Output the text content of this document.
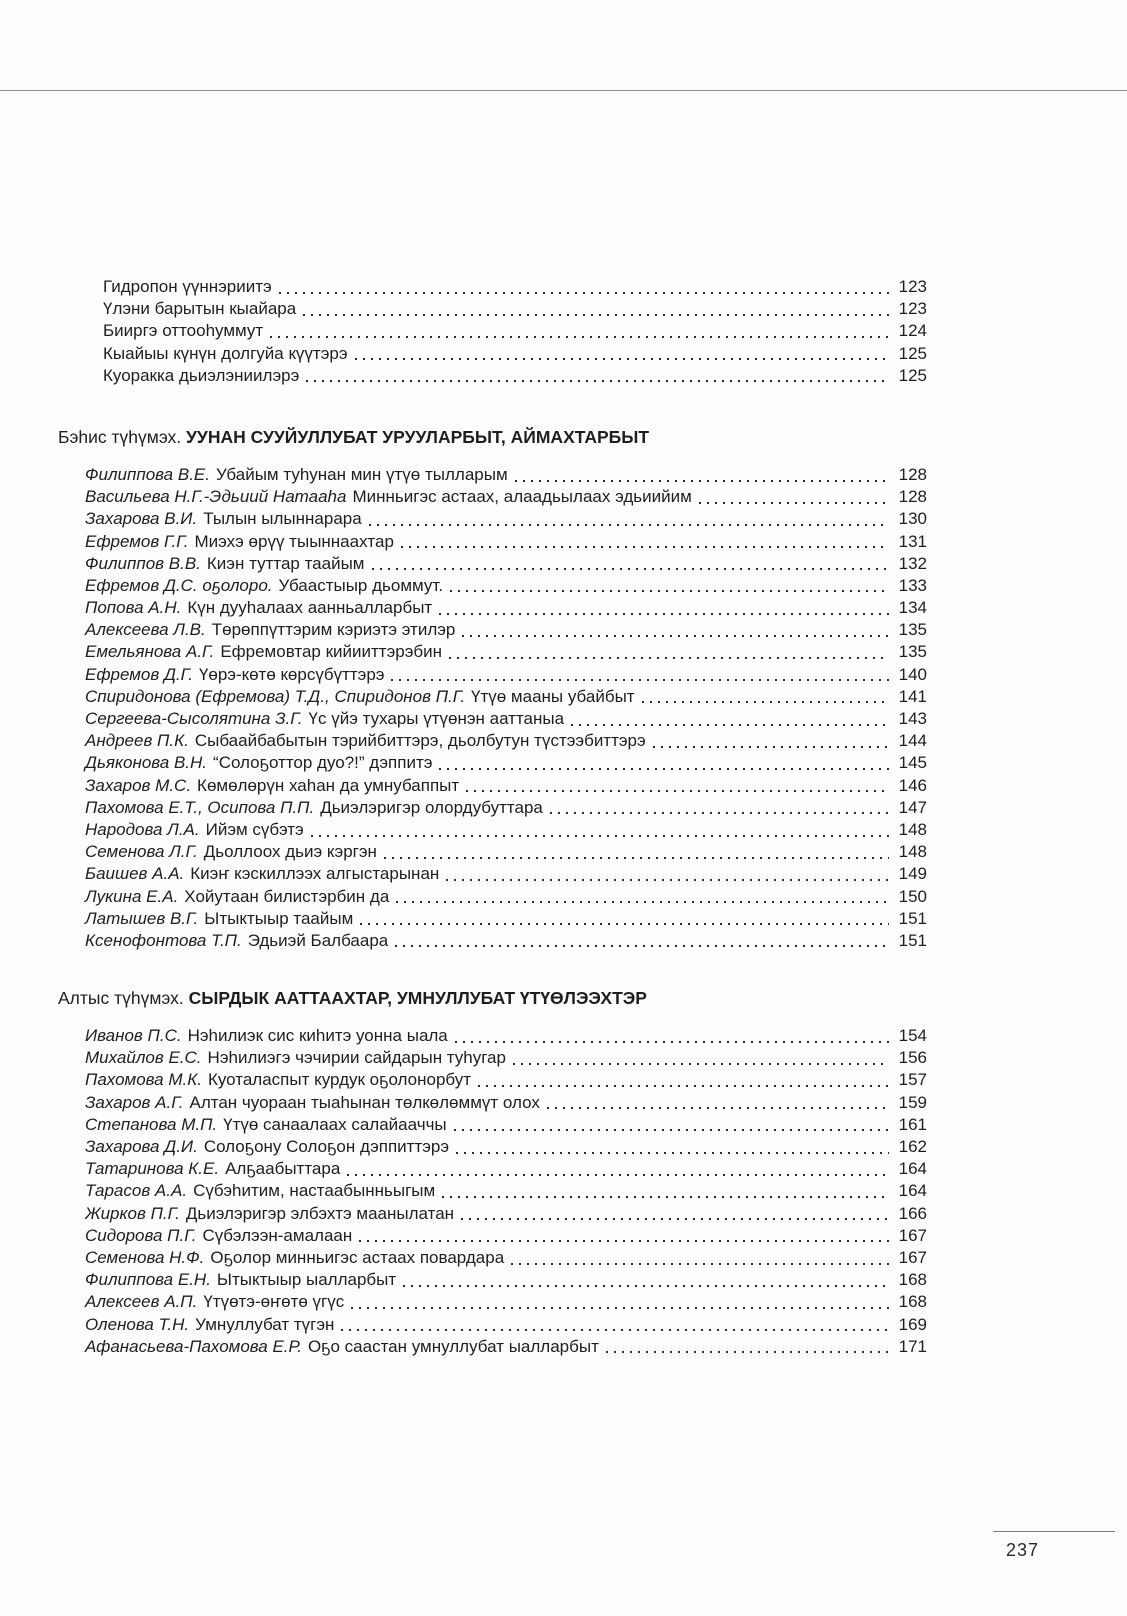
Гидропон үүннэриитэ	123
Үлэни барытын кыайара	123
Бииргэ оттооһуммут	124
Кыайыы күнүн долгуйа күүтэрэ	125
Куоракка дьиэлэниилэрэ	125
Бэһис түһүмэх. УУНАН СУУЙУЛЛУБАТ УРУУЛАРБЫТ, АЙМАХТАРБЫТ
Филиппова В.Е. Убайым туһунан мин үтүө тылларым	128
Васильева Н.Г.-Эдьиий Натааһа Минньигэс астаах, алаадьылаах эдьиийим	128
Захарова В.И. Тылын ылыннарара	130
Ефремов Г.Г. Миэхэ өрүү тыыннаахтар	131
Филиппов В.В. Киэн туттар таайым	132
Ефремов Д.С. оҕолоро. Убаастыыр дьоммут.	133
Попова А.Н. Күн дууһалаах аанньалларбыт	134
Алексеева Л.В. Төрөппүттэрим кэриэтэ этилэр	135
Емельянова А.Г. Ефремовтар кийииттэрэбин	135
Ефремов Д.Г. Үөрэ-көтө көрсүбүттэрэ	140
Спиридонова (Ефремова) Т.Д., Спиридонов П.Г. Үтүө мааны убайбыт	141
Сергеева-Сысолятина З.Г. Үс үйэ тухары үтүөнэн ааттаныа	143
Андреев П.К. Сыбаайбабытын тэрийбиттэрэ, дьолбутун түстээбиттэрэ	144
Дьяконова В.Н. “Солоҕоттор дуо?!” дэппитэ	145
Захаров М.С. Көмөлөрүн хаһан да умнубаппыт	146
Пахомова Е.Т., Осипова П.П. Дьиэлэригэр олордубуттара	147
Народова Л.А. Ийэм сүбэтэ	148
Семенова Л.Г. Дьоллоох дьиэ кэргэн	148
Баишев А.А. Киэҥ кэскиллээх алгыстарынан	149
Лукина Е.А. Хойутаан билистэрбин да	150
Латышев В.Г. Ытыктыыр таайым	151
Ксенофонтова Т.П. Эдьиэй Балбаара	151
Алтыс түһүмэх. СЫРДЫК ААТТААХТАР, УМНУЛЛУБАТ ҮТҮӨЛЭЭХТЭР
Иванов П.С. Нэһилиэк сис киһитэ уонна ыала	154
Михайлов Е.С. Нэһилиэгэ чэчирии сайдарын туһугар	156
Пахомова М.К. Куоталаспыт курдук оҕолонорбут	157
Захаров А.Г. Алтан чуораан тыаһынан төлкөлөммүт олох	159
Степанова М.П. Үтүө санаалаах салайааччы	161
Захарова Д.И. Солоҕону Солоҕон дэппиттэрэ	162
Татаринова К.Е. Алҕаабыттара	164
Тарасов А.А. Сүбэһитим, настаабынньыгым	164
Жирков П.Г. Дьиэлэригэр элбэхтэ маанылатан	166
Сидорова П.Г. Сүбэлээн-амалаан	167
Семенова Н.Ф. Оҕолор минньигэс астаах повардара	167
Филиппова Е.Н. Ытыктыыр ыалларбыт	168
Алексеев А.П. Үтүөтэ-өҥөтө үгүс	168
Оленова Т.Н. Умнуллубат түгэн	169
Афанасьева-Пахомова Е.Р. Оҕо саастан умнуллубат ыалларбыт	171
237
